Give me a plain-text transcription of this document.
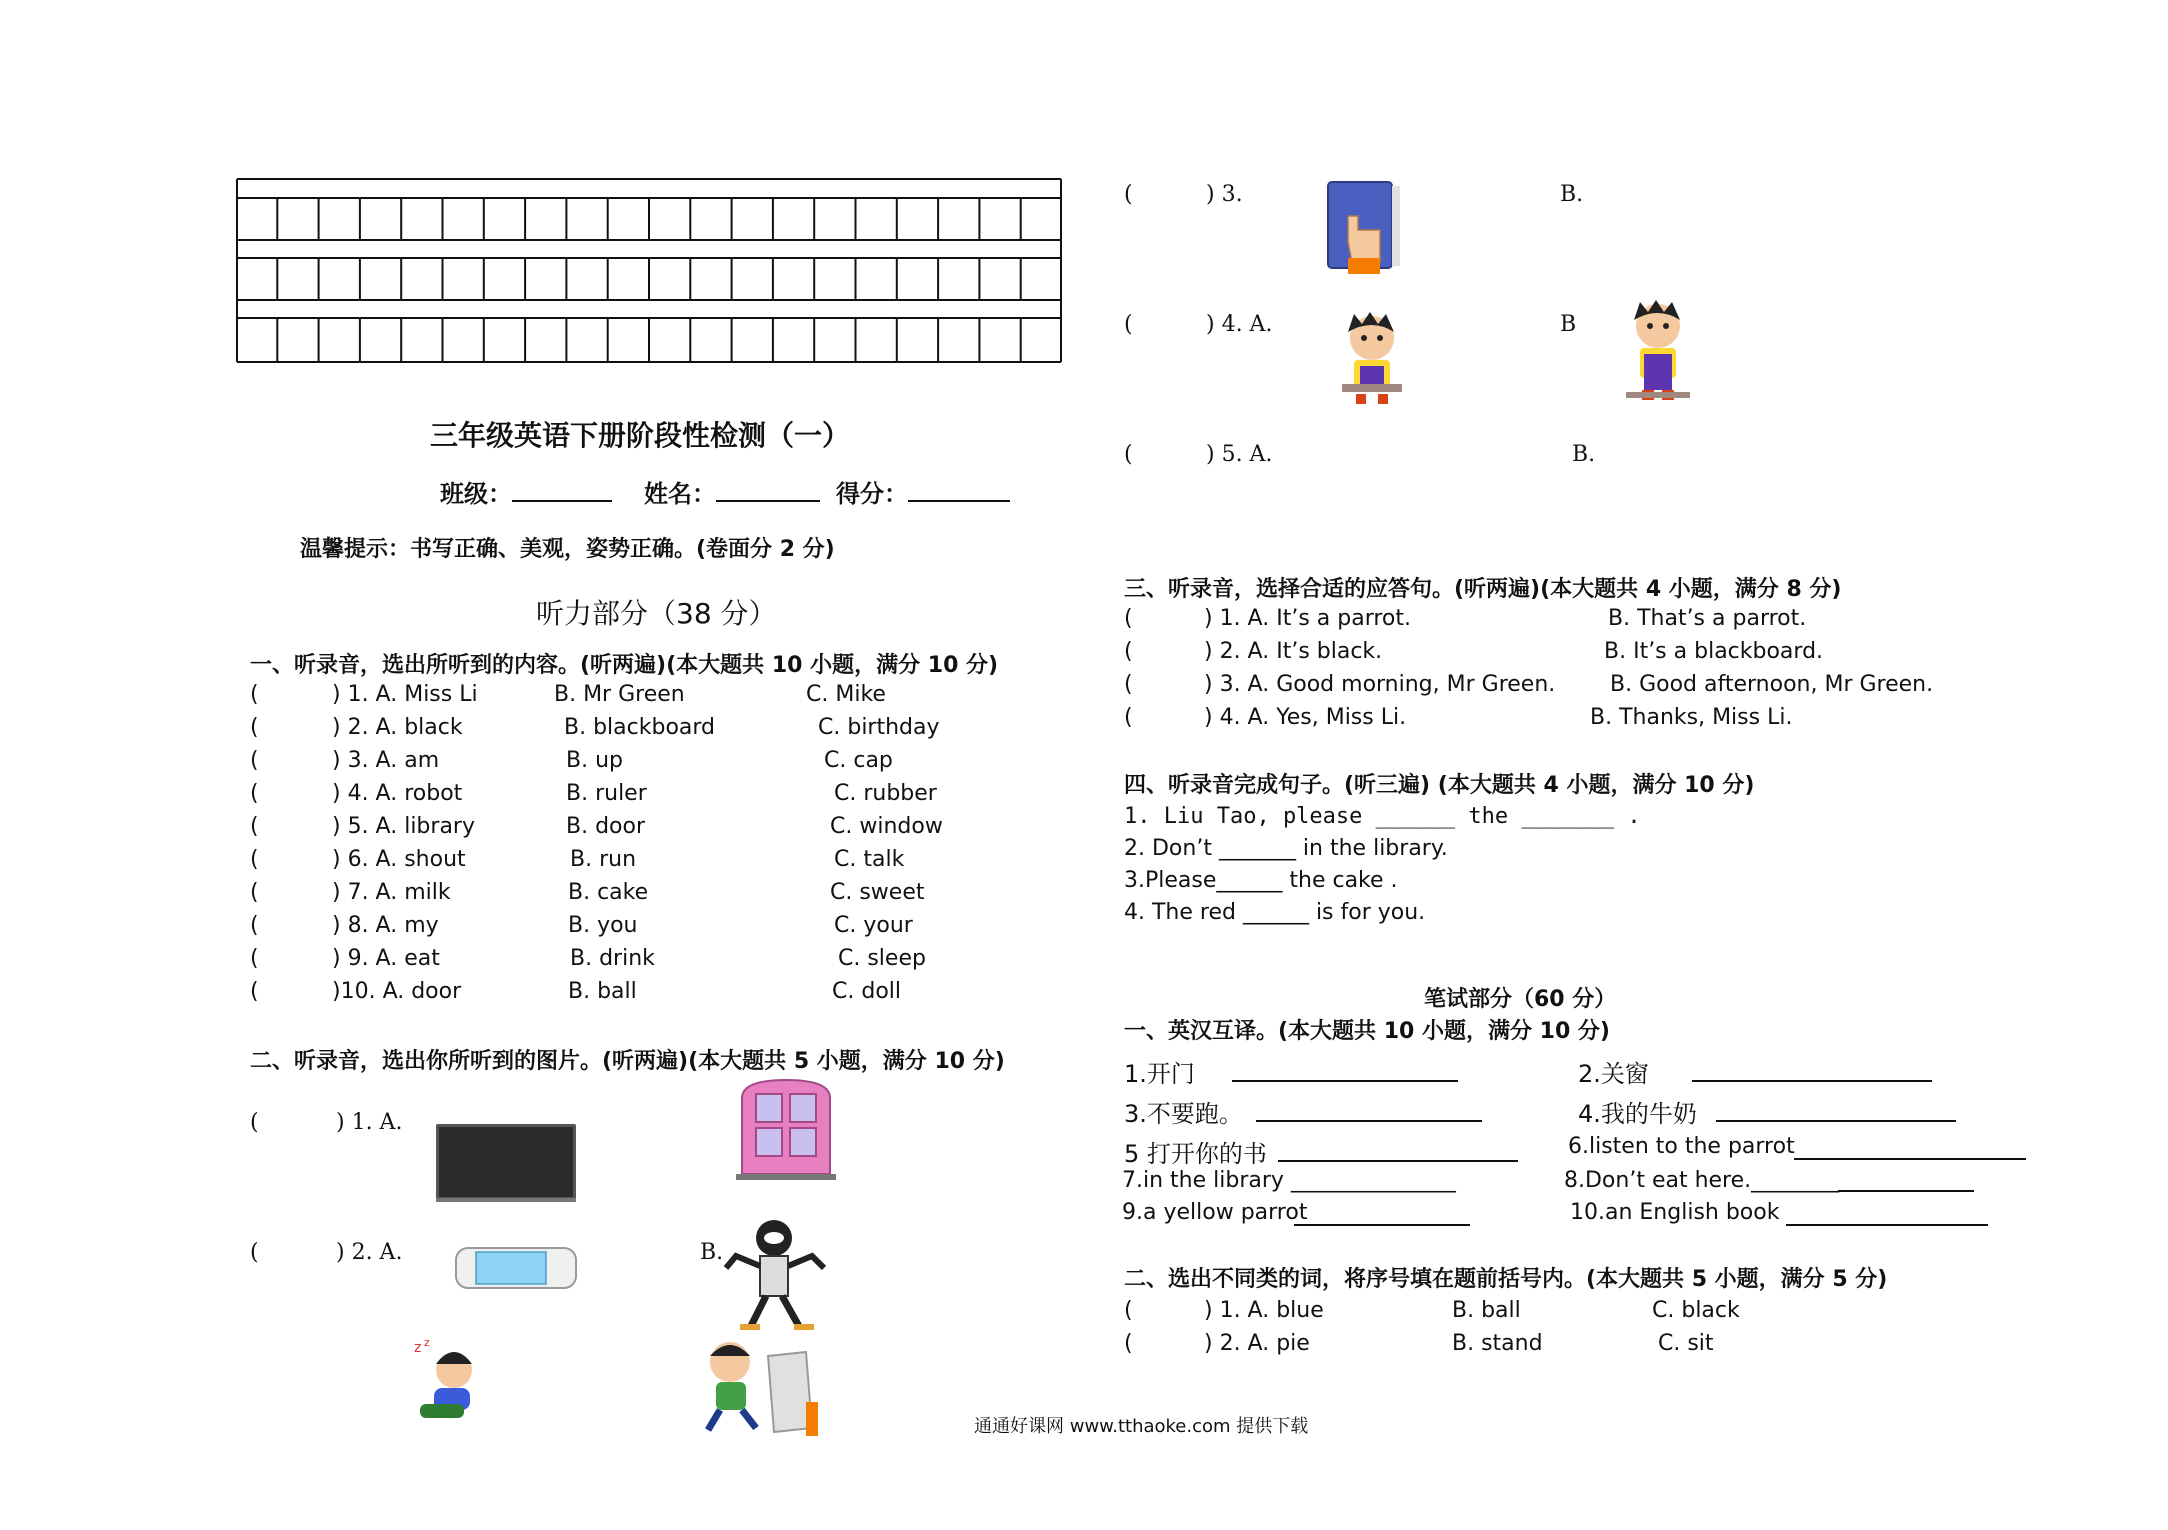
三年级英语下册阶段性检测（一）
班级：	姓名：	得分：
温馨提示：书写正确、美观，姿势正确。(卷面分 2 分)
听力部分（38 分）
一、听录音，选出所听到的内容。(听两遍)(本大题共 10 小题，满分 10 分)
(	) 1. A. Miss Li	B. Mr Green	C. Mike
(	) 2. A. black	B. blackboard	C. birthday
(	) 3. A. am	B. up	C. cap
(	) 4. A. robot	B. ruler	C. rubber
(	) 5. A. library	B. door	C. window
(	) 6. A. shout	B. run	C. talk
(	) 7. A. milk	B. cake	C. sweet
(	) 8. A. my	B. you	C. your
(	) 9. A. eat	B. drink	C. sleep
(	)10. A. door	B. ball	C. doll
二、听录音，选出你所听到的图片。(听两遍)(本大题共 5 小题，满分 10 分)
(	) 1. A.
(	) 2. A.	B.
z z
(	) 3.	B.
(	) 4. A.	B
(	) 5. A.	B.
三、听录音，选择合适的应答句。(听两遍)(本大题共 4 小题，满分 8 分)
(	) 1. A. It’s a parrot.	B. That’s a parrot.
(	) 2. A. It’s black.	B. It’s a blackboard.
(	) 3. A. Good morning, Mr Green. B. Good afternoon, Mr Green.
(	) 4. A. Yes, Miss Li.	B. Thanks, Miss Li.
四、听录音完成句子。(听三遍) (本大题共 4 小题，满分 10 分)
1. Liu Tao, please ______ the _______ .
2. Don’t _______ in the library.
3.Please______ the cake .
4. The red ______ is for you.
笔试部分（60 分）
一、英汉互译。(本大题共 10 小题，满分 10 分)
1.开门	2.关窗
3.不要跑。	4.我的牛奶
5 打开你的书	6.listen to the parrot
7.in the library _______________	8.Don’t eat here.________
9.a yellow parrot	10.an English book
二、选出不同类的词，将序号填在题前括号内。(本大题共 5 小题，满分 5 分)
(	) 1. A. blue	B. ball	C. black
(	) 2. A. pie	B. stand	C. sit
通通好课网 www.tthaoke.com 提供下载
